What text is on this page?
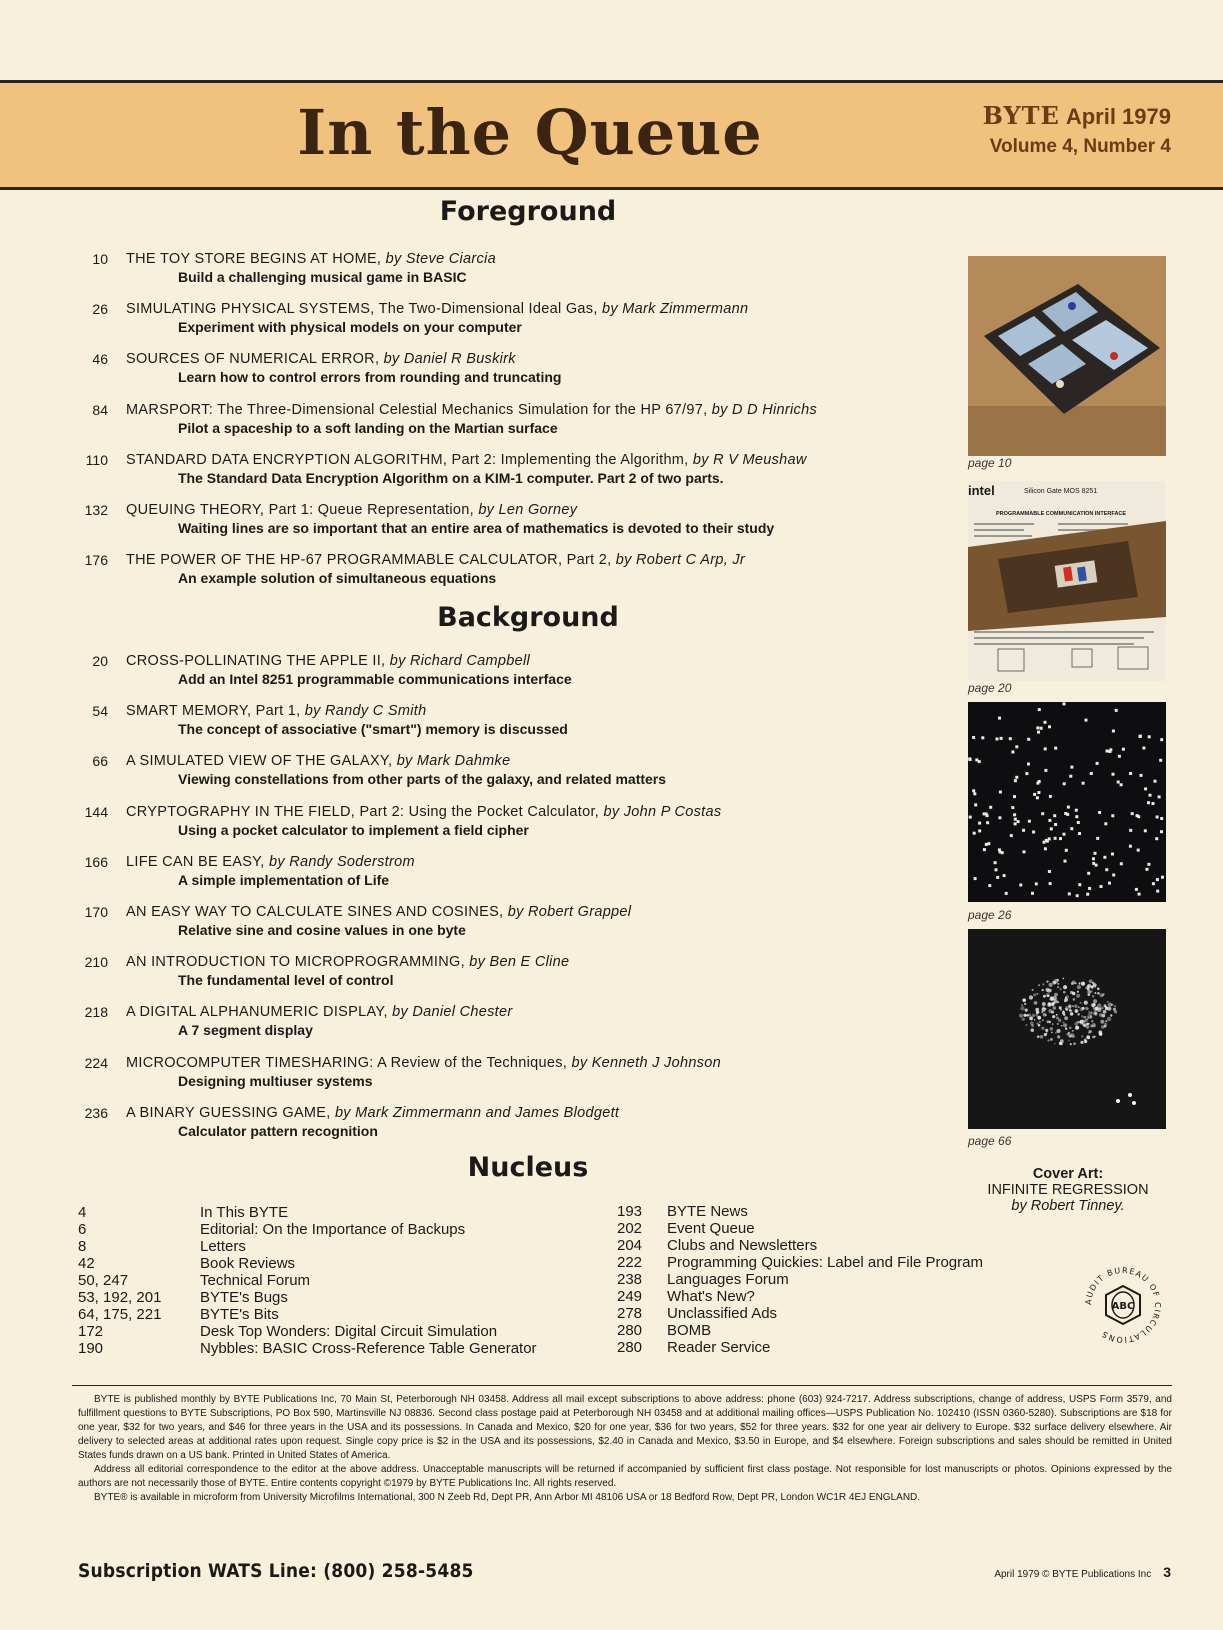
In the Queue	BYTE April 1979
Volume 4, Number 4
Foreground
Background
Nucleus
10 THE TOY STORE BEGINS AT HOME, by Steve Ciarcia
Build a challenging musical game in BASIC
26 SIMULATING PHYSICAL SYSTEMS, The Two-Dimensional Ideal Gas, by Mark Zimmermann
Experiment with physical models on your computer
46 SOURCES OF NUMERICAL ERROR, by Daniel R Buskirk
Learn how to control errors from rounding and truncating
84 MARSPORT: The Three-Dimensional Celestial Mechanics Simulation for the HP 67/97, by D D Hinrichs
Pilot a spaceship to a soft landing on the Martian surface
110 STANDARD DATA ENCRYPTION ALGORITHM, Part 2: Implementing the Algorithm, by R V Meushaw
The Standard Data Encryption Algorithm on a KIM-1 computer. Part 2 of two parts.
132 QUEUING THEORY, Part 1: Queue Representation, by Len Gorney
Waiting lines are so important that an entire area of mathematics is devoted to their study
176 THE POWER OF THE HP-67 PROGRAMMABLE CALCULATOR, Part 2, by Robert C Arp, Jr
An example solution of simultaneous equations
20 CROSS-POLLINATING THE APPLE II, by Richard Campbell
Add an Intel 8251 programmable communications interface
54 SMART MEMORY, Part 1, by Randy C Smith
The concept of associative ("smart") memory is discussed
66 A SIMULATED VIEW OF THE GALAXY, by Mark Dahmke
Viewing constellations from other parts of the galaxy, and related matters
144 CRYPTOGRAPHY IN THE FIELD, Part 2: Using the Pocket Calculator, by John P Costas
Using a pocket calculator to implement a field cipher
166 LIFE CAN BE EASY, by Randy Soderstrom
A simple implementation of Life
170 AN EASY WAY TO CALCULATE SINES AND COSINES, by Robert Grappel
Relative sine and cosine values in one byte
210 AN INTRODUCTION TO MICROPROGRAMMING, by Ben E Cline
The fundamental level of control
218 A DIGITAL ALPHANUMERIC DISPLAY, by Daniel Chester
A 7 segment display
224 MICROCOMPUTER TIMESHARING: A Review of the Techniques, by Kenneth J Johnson
Designing multiuser systems
236 A BINARY GUESSING GAME, by Mark Zimmermann and James Blodgett
Calculator pattern recognition
page 10
intel	Silicon Gate MOS 8251
PROGRAMMABLE COMMUNICATION INTERFACE
page 20
page 26
page 66
Cover Art:
INFINITE REGRESSION
by Robert Tinney.
ABC
AUDIT BUREAU OF CIRCULATIONS
4	In This BYTE
6	Editorial: On the Importance of Backups
8	Letters
42	Book Reviews
50, 247	Technical Forum
53, 192, 201	BYTE's Bugs
64, 175, 221	BYTE's Bits
172	Desk Top Wonders: Digital Circuit Simulation
190	Nybbles: BASIC Cross-Reference Table Generator
193 BYTE News
202 Event Queue
204 Clubs and Newsletters
222 Programming Quickies: Label and File Program
238 Languages Forum
249 What's New?
278 Unclassified Ads
280 BOMB
280 Reader Service

BYTE is published monthly by BYTE Publications Inc, 70 Main St, Peterborough NH 03458. Address all mail except subscriptions to above address: phone (603) 924-7217. Address subscriptions, change of address, USPS Form 3579, and fulfillment questions to BYTE Subscriptions, PO Box 590, Martinsville NJ 08836. Second class postage paid at Peterborough NH 03458 and at additional mailing offices—USPS Publication No. 102410 (ISSN 0360-5280). Subscriptions are $18 for one year, $32 for two years, and $46 for three years in the USA and its possessions. In Canada and Mexico, $20 for one year, $36 for two years, $52 for three years. $32 for one year air delivery to Europe. $32 surface delivery elsewhere. Air delivery to selected areas at additional rates upon request. Single copy price is $2 in the USA and its possessions, $2.40 in Canada and Mexico, $3.50 in Europe, and $4 elsewhere. Foreign subscriptions and sales should be remitted in United States funds drawn on a US bank. Printed in United States of America.

Address all editorial correspondence to the editor at the above address. Unacceptable manuscripts will be returned if accompanied by sufficient first class postage. Not responsible for lost manuscripts or photos. Opinions expressed by the authors are not necessarily those of BYTE. Entire contents copyright ©1979 by BYTE Publications Inc. All rights reserved.

BYTE® is available in microform from University Microfilms International, 300 N Zeeb Rd, Dept PR, Ann Arbor MI 48106 USA or 18 Bedford Row, Dept PR, London WC1R 4EJ ENGLAND.

Subscription WATS Line: (800) 258-5485	April 1979 © BYTE Publications Inc 3
